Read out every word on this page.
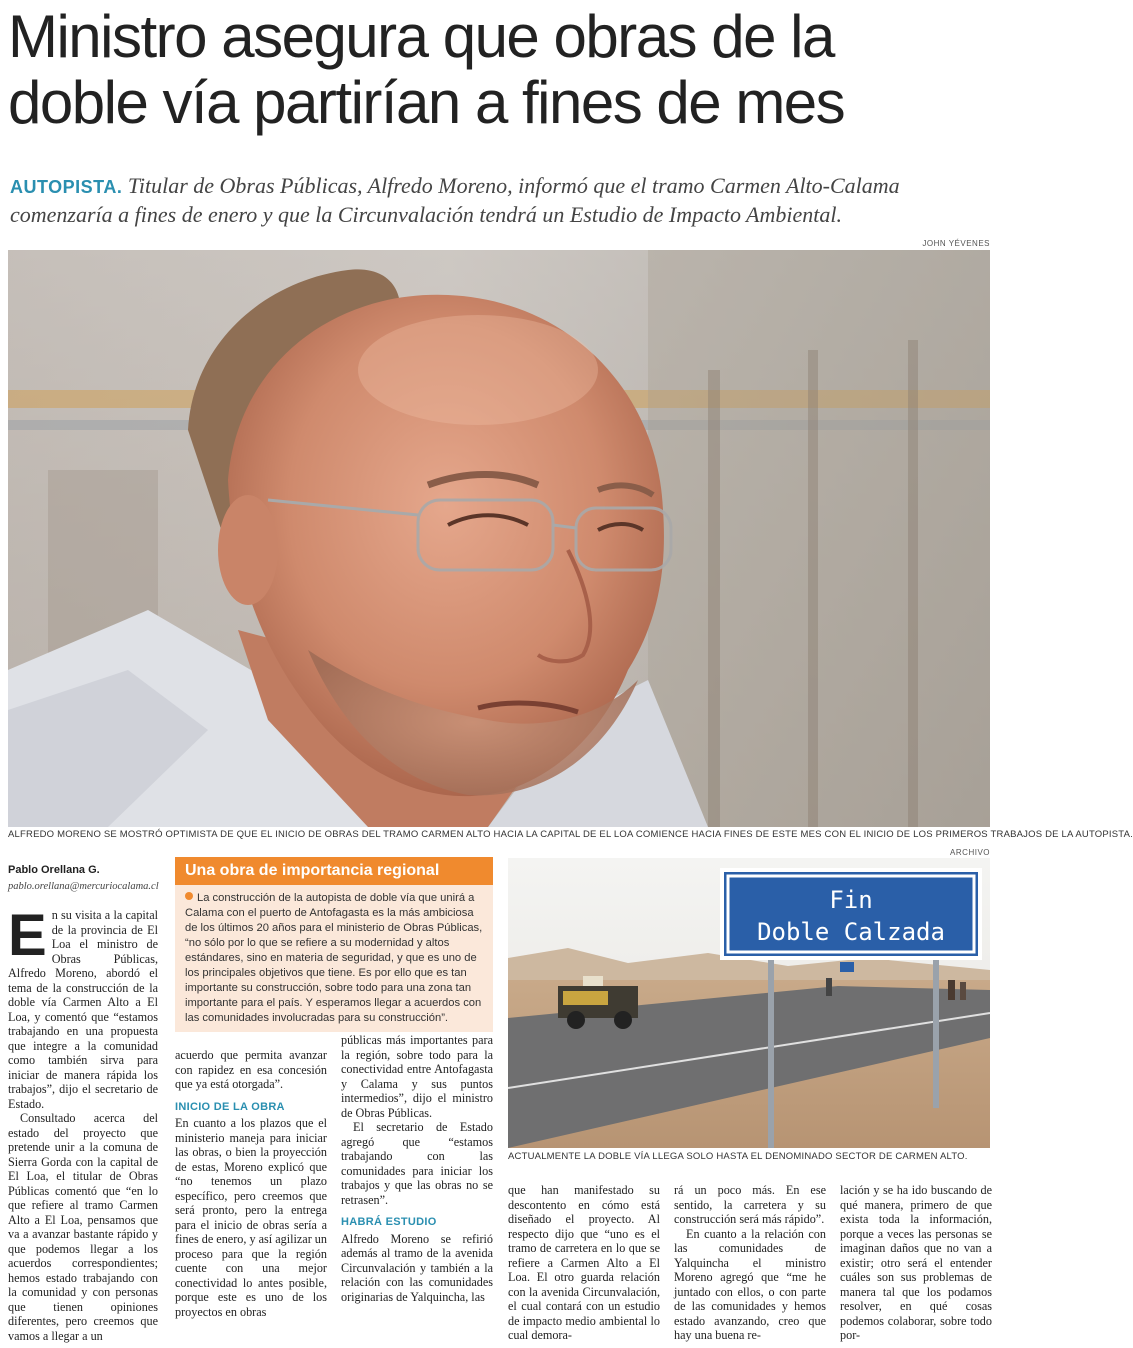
Ministro asegura que obras de la
doble vía partirían a fines de mes
AUTOPISTA. Titular de Obras Públicas, Alfredo Moreno, informó que el tramo Carmen Alto-Calama comenzaría a fines de enero y que la Circunvalación tendrá un Estudio de Impacto Ambiental.
JOHN YÉVENES
ALFREDO MORENO SE MOSTRÓ OPTIMISTA DE QUE EL INICIO DE OBRAS DEL TRAMO CARMEN ALTO HACIA LA CAPITAL DE EL LOA COMIENCE HACIA FINES DE ESTE MES CON EL INICIO DE LOS PRIMEROS TRABAJOS DE LA AUTOPISTA.
Pablo Orellana G.
pablo.orellana@mercuriocalama.cl

E n su visita a la capital de la provincia de El Loa el ministro de Obras Públicas, Alfredo Moreno, abordó el tema de la construcción de la doble vía Carmen Alto a El Loa, y comentó que “estamos trabajando en una propuesta que integre a la comunidad como también sirva para iniciar de manera rápida los trabajos”, dijo el secretario de Estado.

Consultado acerca del estado del proyecto que pretende unir a la comuna de Sierra Gorda con la capital de El Loa, el titular de Obras Públicas comentó que “en lo que refiere al tramo Carmen Alto a El Loa, pensamos que va a avanzar bastante rápido y que podemos llegar a los acuerdos correspondientes; hemos estado trabajando con la comunidad y con personas que tienen opiniones diferentes, pero creemos que vamos a llegar a un

Una obra de importancia regional
La construcción de la autopista de doble vía que unirá a Calama con el puerto de Antofagasta es la más ambiciosa de los últimos 20 años para el ministerio de Obras Públicas, “no sólo por lo que se refiere a su modernidad y altos estándares, sino en materia de seguridad, y que es uno de los principales objetivos que tiene. Es por ello que es tan importante su construcción, sobre todo para una zona tan importante para el país. Y esperamos llegar a acuerdos con las comunidades involucradas para su construcción”.

acuerdo que permita avanzar con rapidez en esa concesión que ya está otorgada”.

INICIO DE LA OBRA

En cuanto a los plazos que el ministerio maneja para iniciar las obras, o bien la proyección de estas, Moreno explicó que “no tenemos un plazo específico, pero creemos que será pronto, pero la entrega para el inicio de obras sería a fines de enero, y así agilizar un proceso para que la región cuente con una mejor conectividad lo antes posible, porque este es uno de los proyectos en obras

públicas más importantes para la región, sobre todo para la conectividad entre Antofagasta y Calama y sus puntos intermedios”, dijo el ministro de Obras Públicas.

El secretario de Estado agregó que “estamos trabajando con las comunidades para iniciar los trabajos y que las obras no se retrasen”.

HABRÁ ESTUDIO

Alfredo Moreno se refirió además al tramo de la avenida Circunvalación y también a la relación con las comunidades originarias de Yalquincha, las

ARCHIVO
Fin
Doble Calzada
ACTUALMENTE LA DOBLE VÍA LLEGA SOLO HASTA EL DENOMINADO SECTOR DE CARMEN ALTO.

que han manifestado su descontento en cómo está diseñado el proyecto. Al respecto dijo que “uno es el tramo de carretera en lo que se refiere a Carmen Alto a El Loa. El otro guarda relación con la avenida Circunvalación, el cual contará con un estudio de impacto medio ambiental lo cual demora-

rá un poco más. En ese sentido, la carretera y su construcción será más rápido”.

En cuanto a la relación con las comunidades de Yalquincha el ministro Moreno agregó que “me he juntado con ellos, o con parte de las comunidades y hemos estado avanzando, creo que hay una buena re-

lación y se ha ido buscando de qué manera, primero de que exista toda la información, porque a veces las personas se imaginan daños que no van a existir; otro será el entender cuáles son sus problemas de manera tal que los podamos resolver, en qué cosas podemos colaborar, sobre todo por-
